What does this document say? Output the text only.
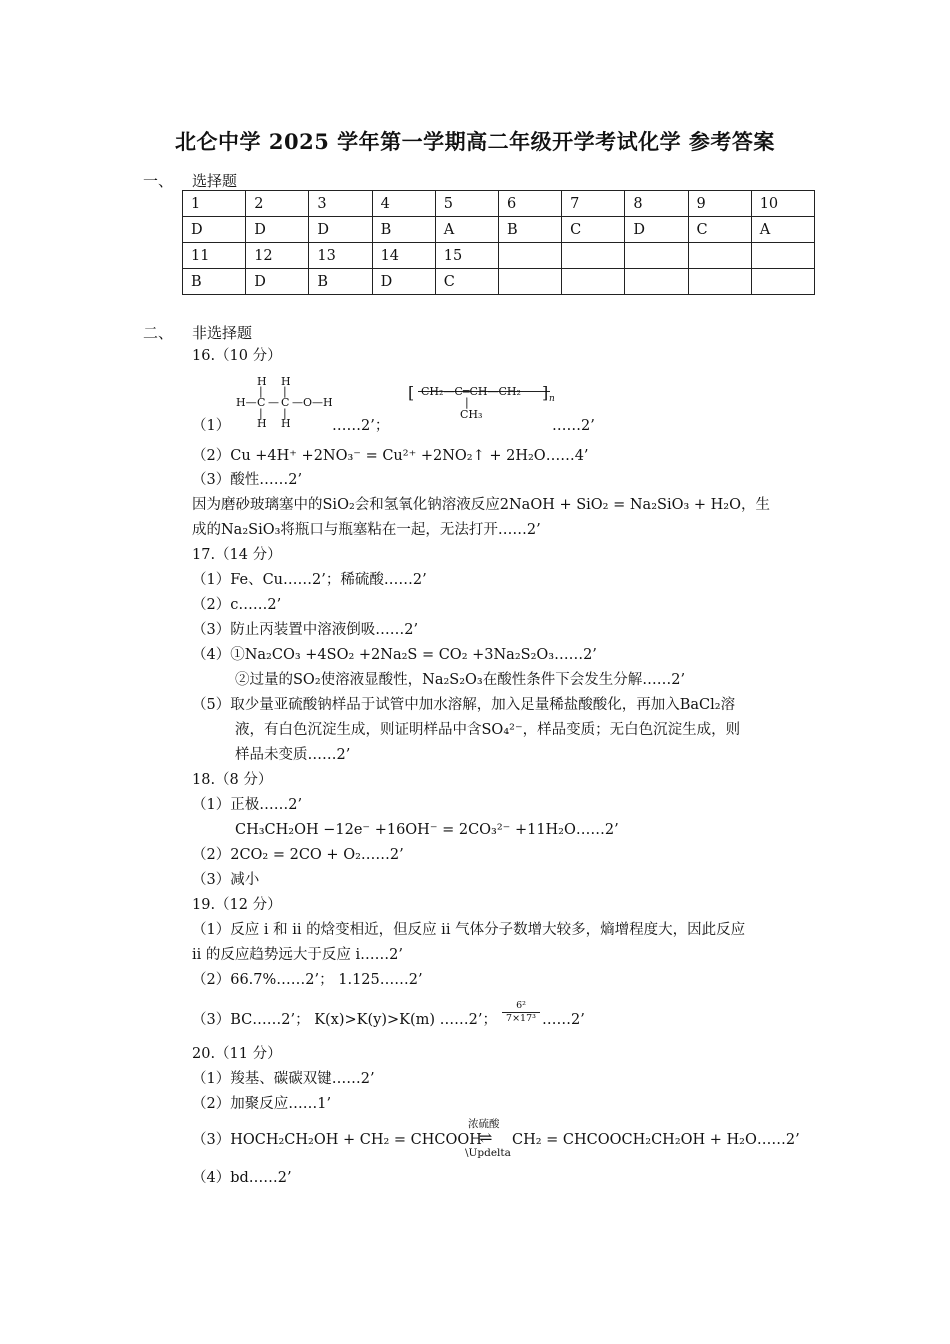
北仑中学 2025 学年第一学期高二年级开学考试化学 参考答案
一、 选择题
1	2	3	4	5	6	7	8	9	10
D	D	D	B	A	B	C	D	C	A
11	12	13	14	15					
B	D	B	D	C					
二、 非选择题
16.（10 分）
H H
| |
H— C — C —O—H
| |
H H
[ CH₂—C═CH—CH₂ ] n
|
CH₃
（1）	……2’；	……2’
（2）Cu +4H⁺ +2NO₃⁻ = Cu²⁺ +2NO₂↑ + 2H₂O……4’
（3）酸性……2’
因为磨砂玻璃塞中的SiO₂会和氢氧化钠溶液反应2NaOH + SiO₂ = Na₂SiO₃ + H₂O，生
成的Na₂SiO₃将瓶口与瓶塞粘在一起，无法打开……2’
17.（14 分）
（1）Fe、Cu……2’；稀硫酸……2’
（2）c……2’
（3）防止丙装置中溶液倒吸……2’
（4）①Na₂CO₃ +4SO₂ +2Na₂S = CO₂ +3Na₂S₂O₃……2’
②过量的SO₂使溶液显酸性，Na₂S₂O₃在酸性条件下会发生分解……2’
（5）取少量亚硫酸钠样品于试管中加水溶解，加入足量稀盐酸酸化，再加入BaCl₂溶
液，有白色沉淀生成，则证明样品中含SO₄²⁻，样品变质；无白色沉淀生成，则
样品未变质……2’
18.（8 分）
（1）正极……2’
CH₃CH₂OH −12e⁻ +16OH⁻ = 2CO₃²⁻ +11H₂O……2’
（2）2CO₂ = 2CO + O₂……2’
（3）减小
19.（12 分）
（1）反应 i 和 ii 的焓变相近，但反应 ii 气体分子数增大较多，熵增程度大，因此反应
ii 的反应趋势远大于反应 i……2’
（2）66.7%……2’； 1.125……2’
（3）BC……2’； K(x)>K(y)>K(m) ……2’； $\frac{\text{6²}}{\text{7×17³}}$ ……2’
20.（11 分）
（1）羧基、碳碳双键……2’
（2）加聚反应……1’
（3）HOCH₂CH₂OH + CH₂ = CHCOOH
浓硫酸
⇌
\Updelta
CH₂ = CHCOOCH₂CH₂OH + H₂O……2’
（4）bd……2’
